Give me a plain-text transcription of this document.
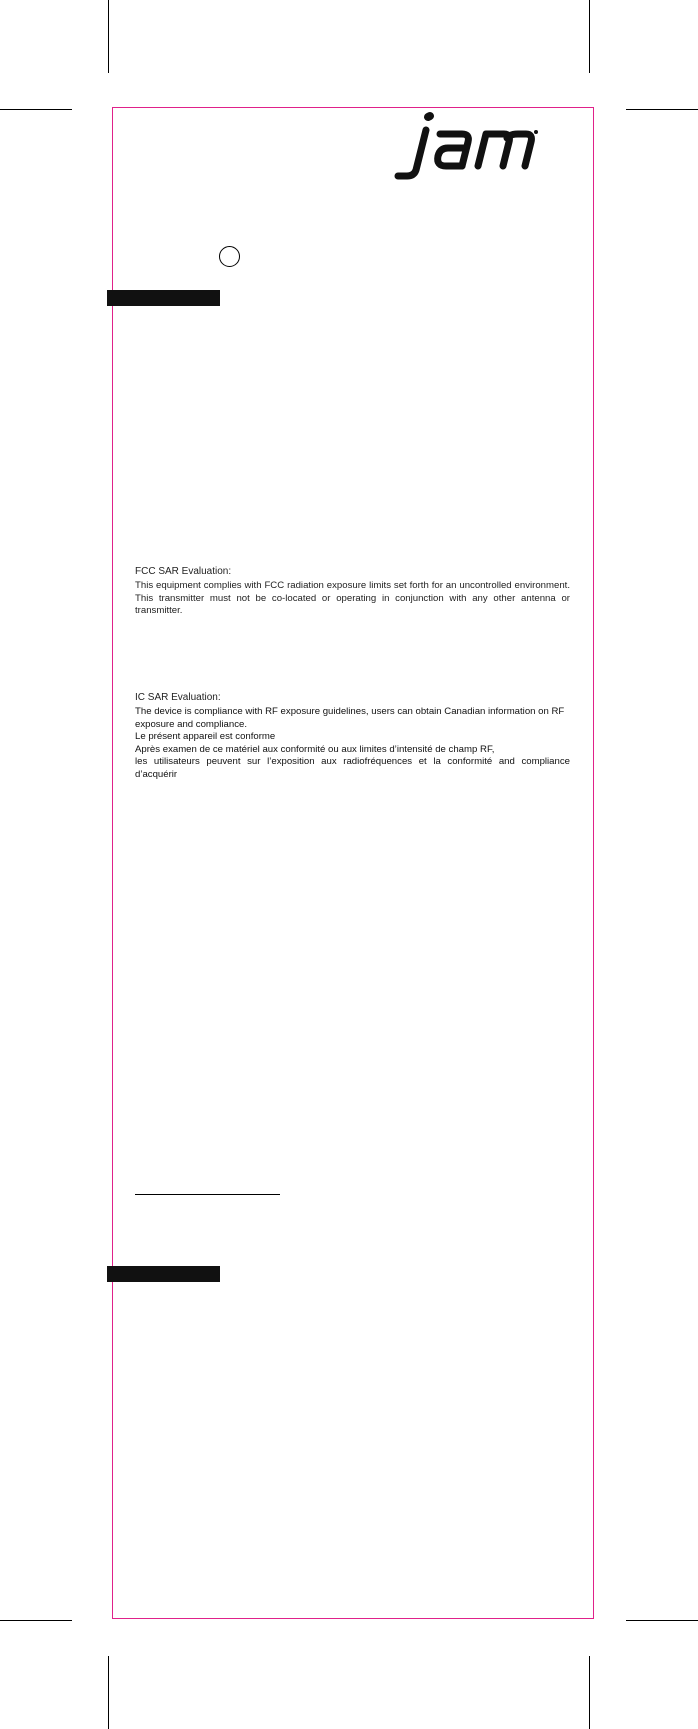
FCC SAR Evaluation:

This equipment complies with FCC radiation exposure limits set forth for an uncontrolled environment. This transmitter must not be co-located or operating in conjunction with any other antenna or transmitter.

IC SAR Evaluation:

The device is compliance with RF exposure guidelines, users can obtain Canadian information on RF

exposure and compliance.

Le présent appareil est conforme

Après examen de ce matériel aux conformité ou aux limites d’intensité de champ RF,

les utilisateurs peuvent sur l’exposition aux radiofréquences et la conformité and compliance

d’acquérir
